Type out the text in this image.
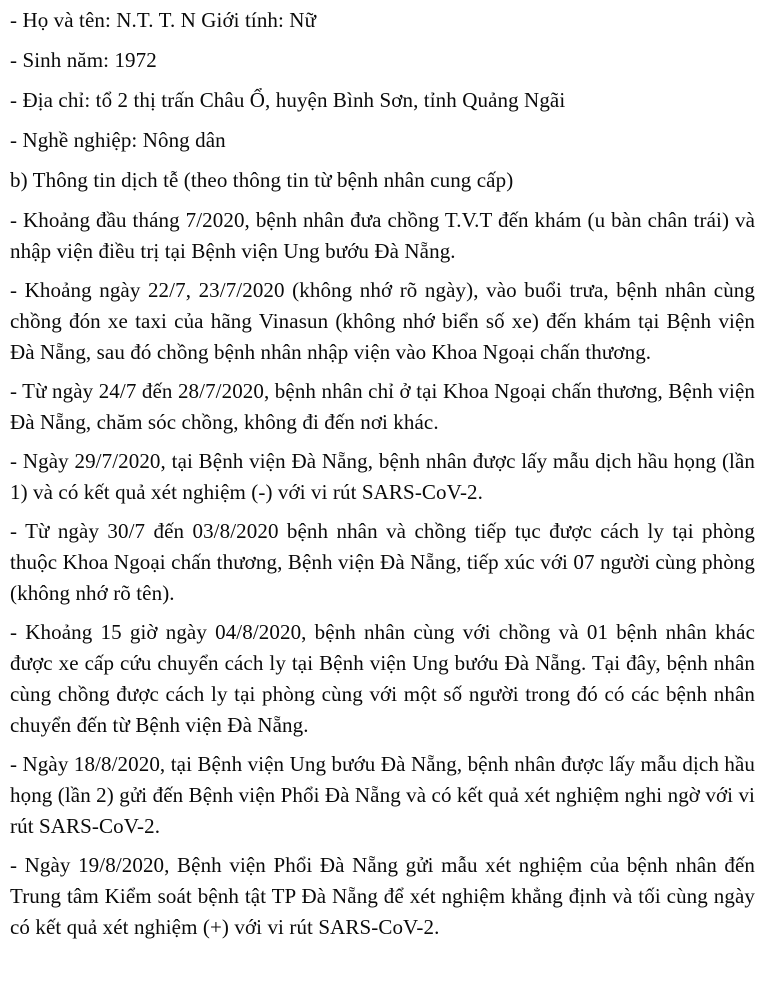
- Họ và tên: N.T. T. N Giới tính: Nữ

- Sinh năm: 1972

- Địa chỉ: tổ 2 thị trấn Châu Ổ, huyện Bình Sơn, tỉnh Quảng Ngãi

- Nghề nghiệp: Nông dân

b) Thông tin dịch tễ (theo thông tin từ bệnh nhân cung cấp)

- Khoảng đầu tháng 7/2020, bệnh nhân đưa chồng T.V.T đến khám (u bàn chân trái) và nhập viện điều trị tại Bệnh viện Ung bướu Đà Nẵng.

- Khoảng ngày 22/7, 23/7/2020 (không nhớ rõ ngày), vào buổi trưa, bệnh nhân cùng chồng đón xe taxi của hãng Vinasun (không nhớ biển số xe) đến khám tại Bệnh viện Đà Nẵng, sau đó chồng bệnh nhân nhập viện vào Khoa Ngoại chấn thương.

- Từ ngày 24/7 đến 28/7/2020, bệnh nhân chỉ ở tại Khoa Ngoại chấn thương, Bệnh viện Đà Nẵng, chăm sóc chồng, không đi đến nơi khác.

- Ngày 29/7/2020, tại Bệnh viện Đà Nẵng, bệnh nhân được lấy mẫu dịch hầu họng (lần 1) và có kết quả xét nghiệm (-) với vi rút SARS-CoV-2.

- Từ ngày 30/7 đến 03/8/2020 bệnh nhân và chồng tiếp tục được cách ly tại phòng thuộc Khoa Ngoại chấn thương, Bệnh viện Đà Nẵng, tiếp xúc với 07 người cùng phòng (không nhớ rõ tên).

- Khoảng 15 giờ ngày 04/8/2020, bệnh nhân cùng với chồng và 01 bệnh nhân khác được xe cấp cứu chuyển cách ly tại Bệnh viện Ung bướu Đà Nẵng. Tại đây, bệnh nhân cùng chồng được cách ly tại phòng cùng với một số người trong đó có các bệnh nhân chuyển đến từ Bệnh viện Đà Nẵng.

- Ngày 18/8/2020, tại Bệnh viện Ung bướu Đà Nẵng, bệnh nhân được lấy mẫu dịch hầu họng (lần 2) gửi đến Bệnh viện Phổi Đà Nẵng và có kết quả xét nghiệm nghi ngờ với vi rút SARS-CoV-2.

- Ngày 19/8/2020, Bệnh viện Phổi Đà Nẵng gửi mẫu xét nghiệm của bệnh nhân đến Trung tâm Kiểm soát bệnh tật TP Đà Nẵng để xét nghiệm khẳng định và tối cùng ngày có kết quả xét nghiệm (+) với vi rút SARS-CoV-2.
